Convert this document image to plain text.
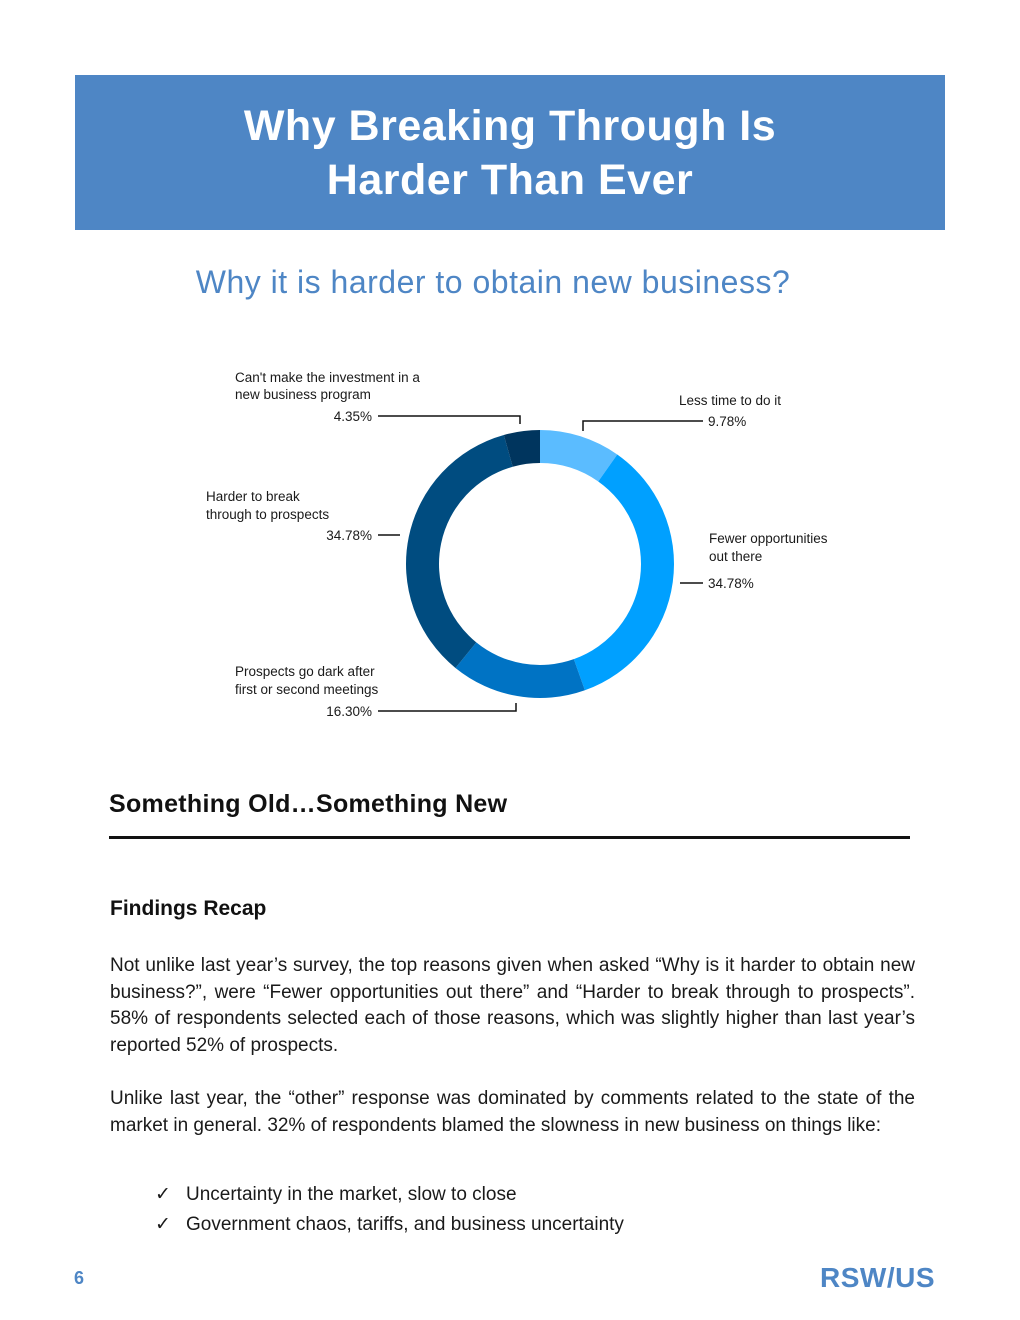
Why Breaking Through Is
Harder Than Ever
Why it is harder to obtain new business?
Less time to do it
9.78%
Fewer opportunities
out there
34.78%
Prospects go dark after
first or second meetings
16.30%
Harder to break
through to prospects
34.78%
Can't make the investment in a
new business program
4.35%
Something Old…Something New
Findings Recap
Not unlike last year’s survey, the top reasons given when asked “Why is it harder to obtain new business?”, were “Fewer opportunities out there” and “Harder to break through to prospects”. 58% of respondents selected each of those reasons, which was slightly higher than last year’s reported 52% of prospects.
Unlike last year, the “other” response was dominated by comments related to the state of the market in general. 32% of respondents blamed the slowness in new business on things like:
✓ Uncertainty in the market, slow to close
✓ Government chaos, tariffs, and business uncertainty
6	RSW/US
